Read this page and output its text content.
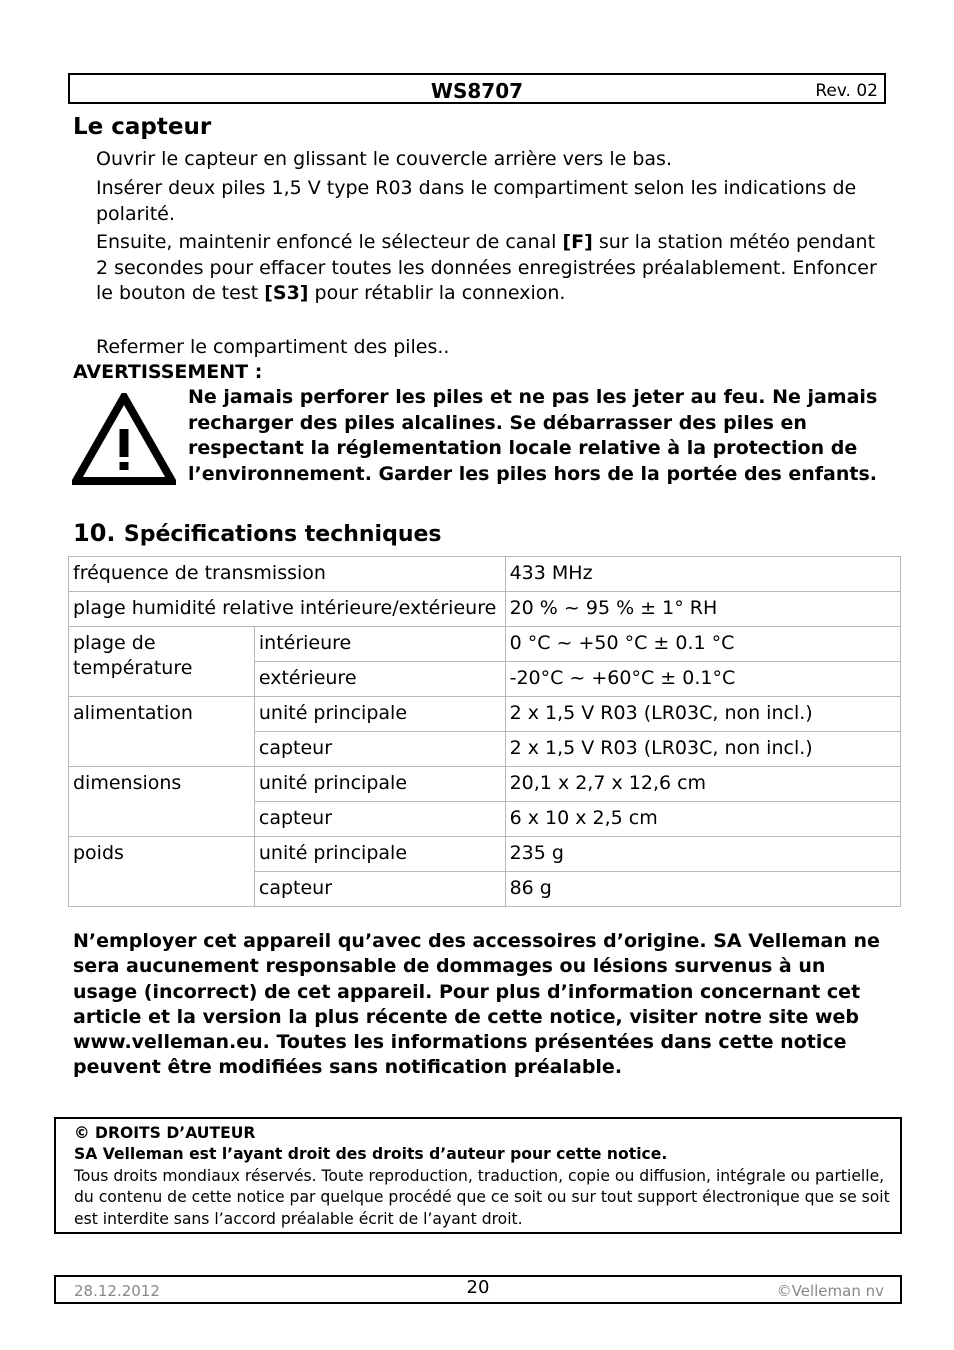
WS8707	Rev. 02
Le capteur

Ouvrir le capteur en glissant le couvercle arrière vers le bas.

Insérer deux piles 1,5 V type R03 dans le compartiment selon les indications de polarité.

Ensuite, maintenir enfoncé le sélecteur de canal [F] sur la station météo pendant 2 secondes pour effacer toutes les données enregistrées préalablement. Enfoncer le bouton de test [S3] pour rétablir la connexion.

Refermer le compartiment des piles..

AVERTISSEMENT :

Ne jamais perforer les piles et ne pas les jeter au feu. Ne jamais recharger des piles alcalines. Se débarrasser des piles en respectant la réglementation locale relative à la protection de l’environnement. Garder les piles hors de la portée des enfants.

10. Spécifications techniques
fréquence de transmission		433 MHz
plage humidité relative intérieure/extérieure		20 % ~ 95 % ± 1° RH
plage de température	intérieure	0 °C ~ +50 °C ± 0.1 °C
	extérieure	-20°C ~ +60°C ± 0.1°C
alimentation	unité principale	2 x 1,5 V R03 (LR03C, non incl.)
	capteur	2 x 1,5 V R03 (LR03C, non incl.)
dimensions	unité principale	20,1 x 2,7 x 12,6 cm
	capteur	6 x 10 x 2,5 cm
poids	unité principale	235 g
	capteur	86 g

N’employer cet appareil qu’avec des accessoires d’origine. SA Velleman ne sera aucunement responsable de dommages ou lésions survenus à un usage (incorrect) de cet appareil. Pour plus d’information concernant cet article et la version la plus récente de cette notice, visiter notre site web www.velleman.eu. Toutes les informations présentées dans cette notice peuvent être modifiées sans notification préalable.

© DROITS D’AUTEUR
SA Velleman est l’ayant droit des droits d’auteur pour cette notice.
Tous droits mondiaux réservés. Toute reproduction, traduction, copie ou diffusion, intégrale ou partielle, du contenu de cette notice par quelque procédé que ce soit ou sur tout support électronique que se soit est interdite sans l’accord préalable écrit de l’ayant droit.
28.12.2012	20	©Velleman nv
